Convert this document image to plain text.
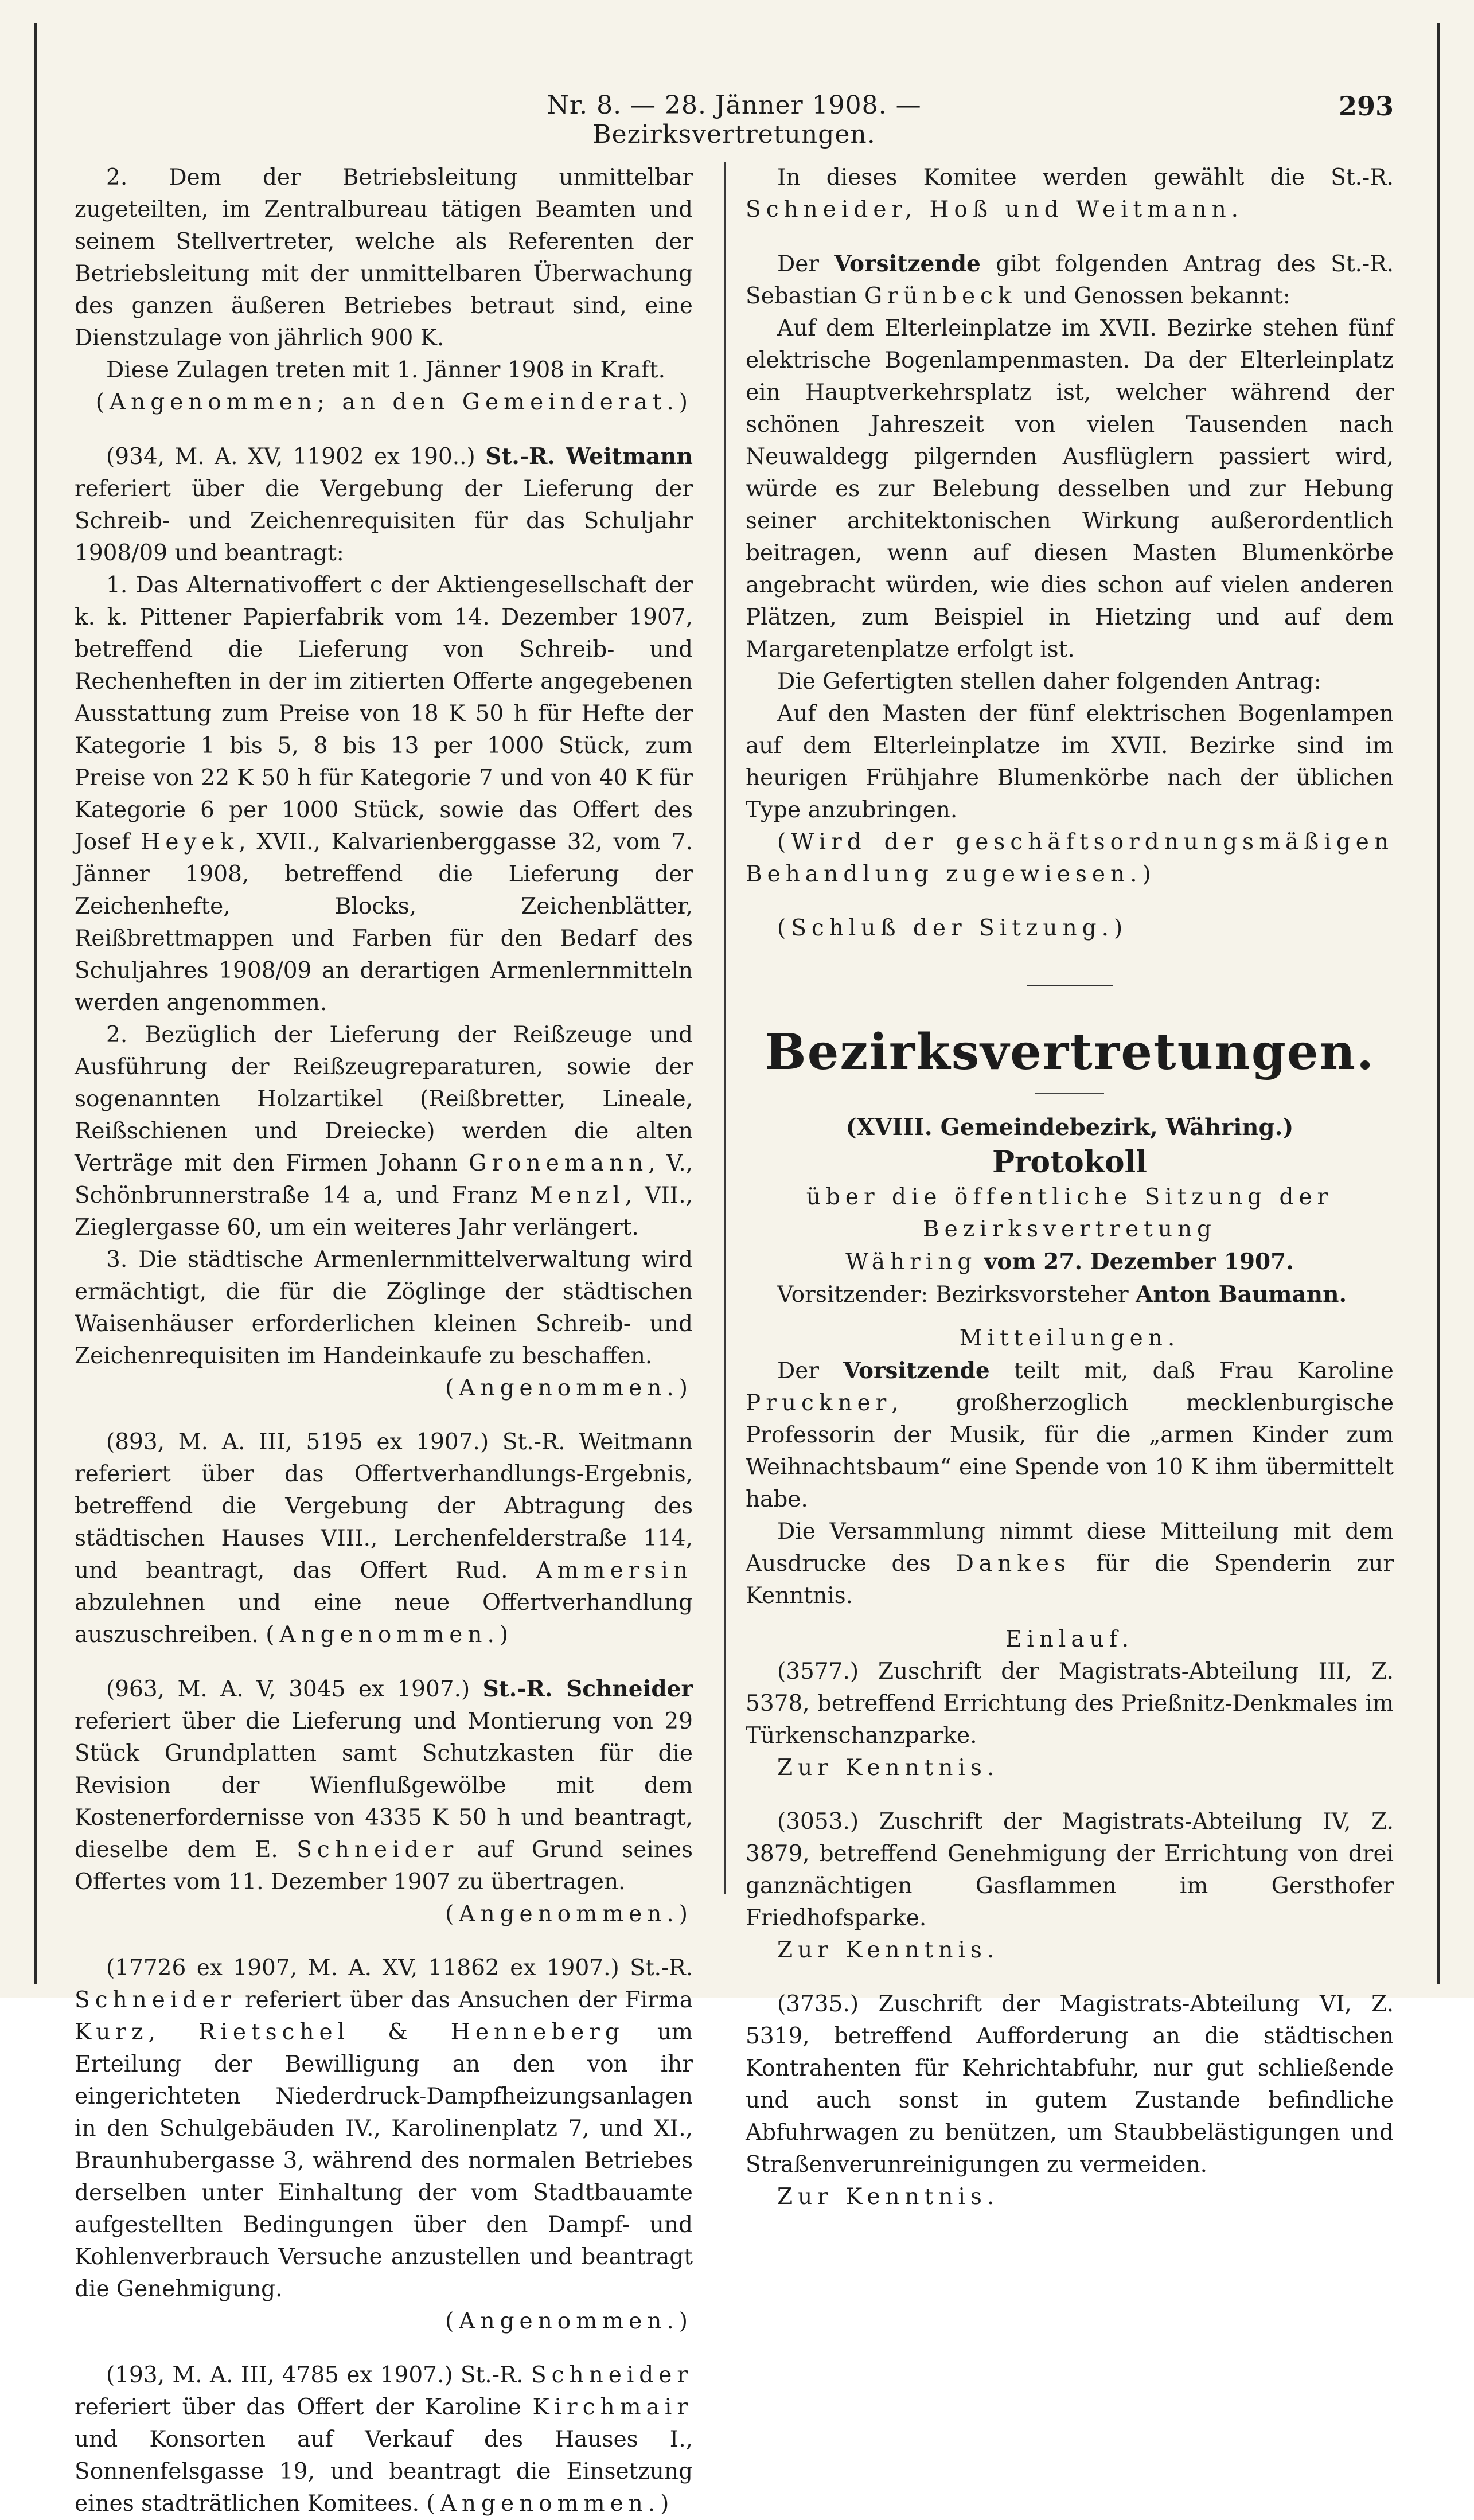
Nr. 8. — 28. Jänner 1908. — Bezirksvertretungen.
293

2. Dem der Betriebsleitung unmittelbar zugeteilten, im Zentralbureau tätigen Beamten und seinem Stellvertreter, welche als Referenten der Betriebsleitung mit der unmittelbaren Überwachung des ganzen äußeren Betriebes betraut sind, eine Dienstzulage von jährlich 900 K.

Diese Zulagen treten mit 1. Jänner 1908 in Kraft.

(Angenommen; an den Gemeinderat.)

(934, M. A. XV, 11902 ex 190..) St.-R. Weitmann referiert über die Vergebung der Lieferung der Schreib- und Zeichenrequisiten für das Schuljahr 1908/09 und beantragt:

1. Das Alternativoffert c der Aktiengesellschaft der k. k. Pittener Papierfabrik vom 14. Dezember 1907, betreffend die Lieferung von Schreib- und Rechenheften in der im zitierten Offerte angegebenen Ausstattung zum Preise von 18 K 50 h für Hefte der Kategorie 1 bis 5, 8 bis 13 per 1000 Stück, zum Preise von 22 K 50 h für Kategorie 7 und von 40 K für Kategorie 6 per 1000 Stück, sowie das Offert des Josef Heyek, XVII., Kalvarienberggasse 32, vom 7. Jänner 1908, betreffend die Lieferung der Zeichenhefte, Blocks, Zeichenblätter, Reißbrettmappen und Farben für den Bedarf des Schuljahres 1908/09 an derartigen Armenlernmitteln werden angenommen.

2. Bezüglich der Lieferung der Reißzeuge und Ausführung der Reißzeugreparaturen, sowie der sogenannten Holzartikel (Reißbretter, Lineale, Reißschienen und Dreiecke) werden die alten Verträge mit den Firmen Johann Gronemann, V., Schönbrunnerstraße 14 a, und Franz Menzl, VII., Zieglergasse 60, um ein weiteres Jahr verlängert.

3. Die städtische Armenlernmittelverwaltung wird ermächtigt, die für die Zöglinge der städtischen Waisenhäuser erforderlichen kleinen Schreib- und Zeichenrequisiten im Handeinkaufe zu beschaffen.

(Angenommen.)

(893, M. A. III, 5195 ex 1907.) St.-R. Weitmann referiert über das Offertverhandlungs-Ergebnis, betreffend die Vergebung der Abtragung des städtischen Hauses VIII., Lerchenfelderstraße 114, und beantragt, das Offert Rud. Ammersin abzulehnen und eine neue Offertverhandlung auszuschreiben. (Angenommen.)

(963, M. A. V, 3045 ex 1907.) St.-R. Schneider referiert über die Lieferung und Montierung von 29 Stück Grundplatten samt Schutzkasten für die Revision der Wienflußgewölbe mit dem Kostenerfordernisse von 4335 K 50 h und beantragt, dieselbe dem E. Schneider auf Grund seines Offertes vom 11. Dezember 1907 zu übertragen.

(Angenommen.)

(17726 ex 1907, M. A. XV, 11862 ex 1907.) St.-R. Schneider referiert über das Ansuchen der Firma Kurz, Rietschel & Henneberg um Erteilung der Bewilligung an den von ihr eingerichteten Niederdruck-Dampfheizungsanlagen in den Schulgebäuden IV., Karolinenplatz 7, und XI., Braunhubergasse 3, während des normalen Betriebes derselben unter Einhaltung der vom Stadtbauamte aufgestellten Bedingungen über den Dampf- und Kohlenverbrauch Versuche anzustellen und beantragt die Genehmigung.

(Angenommen.)

(193, M. A. III, 4785 ex 1907.) St.-R. Schneider referiert über das Offert der Karoline Kirchmair und Konsorten auf Verkauf des Hauses I., Sonnenfelsgasse 19, und beantragt die Einsetzung eines stadträtlichen Komitees. (Angenommen.)

In dieses Komitee werden gewählt die St.-R. Schneider, Hoß und Weitmann.

Der Vorsitzende gibt folgenden Antrag des St.-R. Sebastian Grünbeck und Genossen bekannt:

Auf dem Elterleinplatze im XVII. Bezirke stehen fünf elektrische Bogenlampenmasten. Da der Elterleinplatz ein Hauptverkehrsplatz ist, welcher während der schönen Jahreszeit von vielen Tausenden nach Neuwaldegg pilgernden Ausflüglern passiert wird, würde es zur Belebung desselben und zur Hebung seiner architektonischen Wirkung außerordentlich beitragen, wenn auf diesen Masten Blumenkörbe angebracht würden, wie dies schon auf vielen anderen Plätzen, zum Beispiel in Hietzing und auf dem Margaretenplatze erfolgt ist.

Die Gefertigten stellen daher folgenden Antrag:

Auf den Masten der fünf elektrischen Bogenlampen auf dem Elterleinplatze im XVII. Bezirke sind im heurigen Frühjahre Blumenkörbe nach der üblichen Type anzubringen.

(Wird der geschäftsordnungsmäßigen Behandlung zugewiesen.)

(Schluß der Sitzung.)

Bezirksvertretungen.

(XVIII. Gemeindebezirk, Währing.)

Protokoll

über die öffentliche Sitzung der Bezirksvertretung

Währing vom 27. Dezember 1907.

Vorsitzender: Bezirksvorsteher Anton Baumann.

Mitteilungen.

Der Vorsitzende teilt mit, daß Frau Karoline Pruckner, großherzoglich mecklenburgische Professorin der Musik, für die „armen Kinder zum Weihnachtsbaum“ eine Spende von 10 K ihm übermittelt habe.

Die Versammlung nimmt diese Mitteilung mit dem Ausdrucke des Dankes für die Spenderin zur Kenntnis.

Einlauf.

(3577.) Zuschrift der Magistrats-Abteilung III, Z. 5378, betreffend Errichtung des Prießnitz-Denkmales im Türkenschanzparke.

Zur Kenntnis.

(3053.) Zuschrift der Magistrats-Abteilung IV, Z. 3879, betreffend Genehmigung der Errichtung von drei ganznächtigen Gasflammen im Gersthofer Friedhofsparke.

Zur Kenntnis.

(3735.) Zuschrift der Magistrats-Abteilung VI, Z. 5319, betreffend Aufforderung an die städtischen Kontrahenten für Kehrichtabfuhr, nur gut schließende und auch sonst in gutem Zustande befindliche Abfuhrwagen zu benützen, um Staubbelästigungen und Straßenverunreinigungen zu vermeiden.

Zur Kenntnis.
